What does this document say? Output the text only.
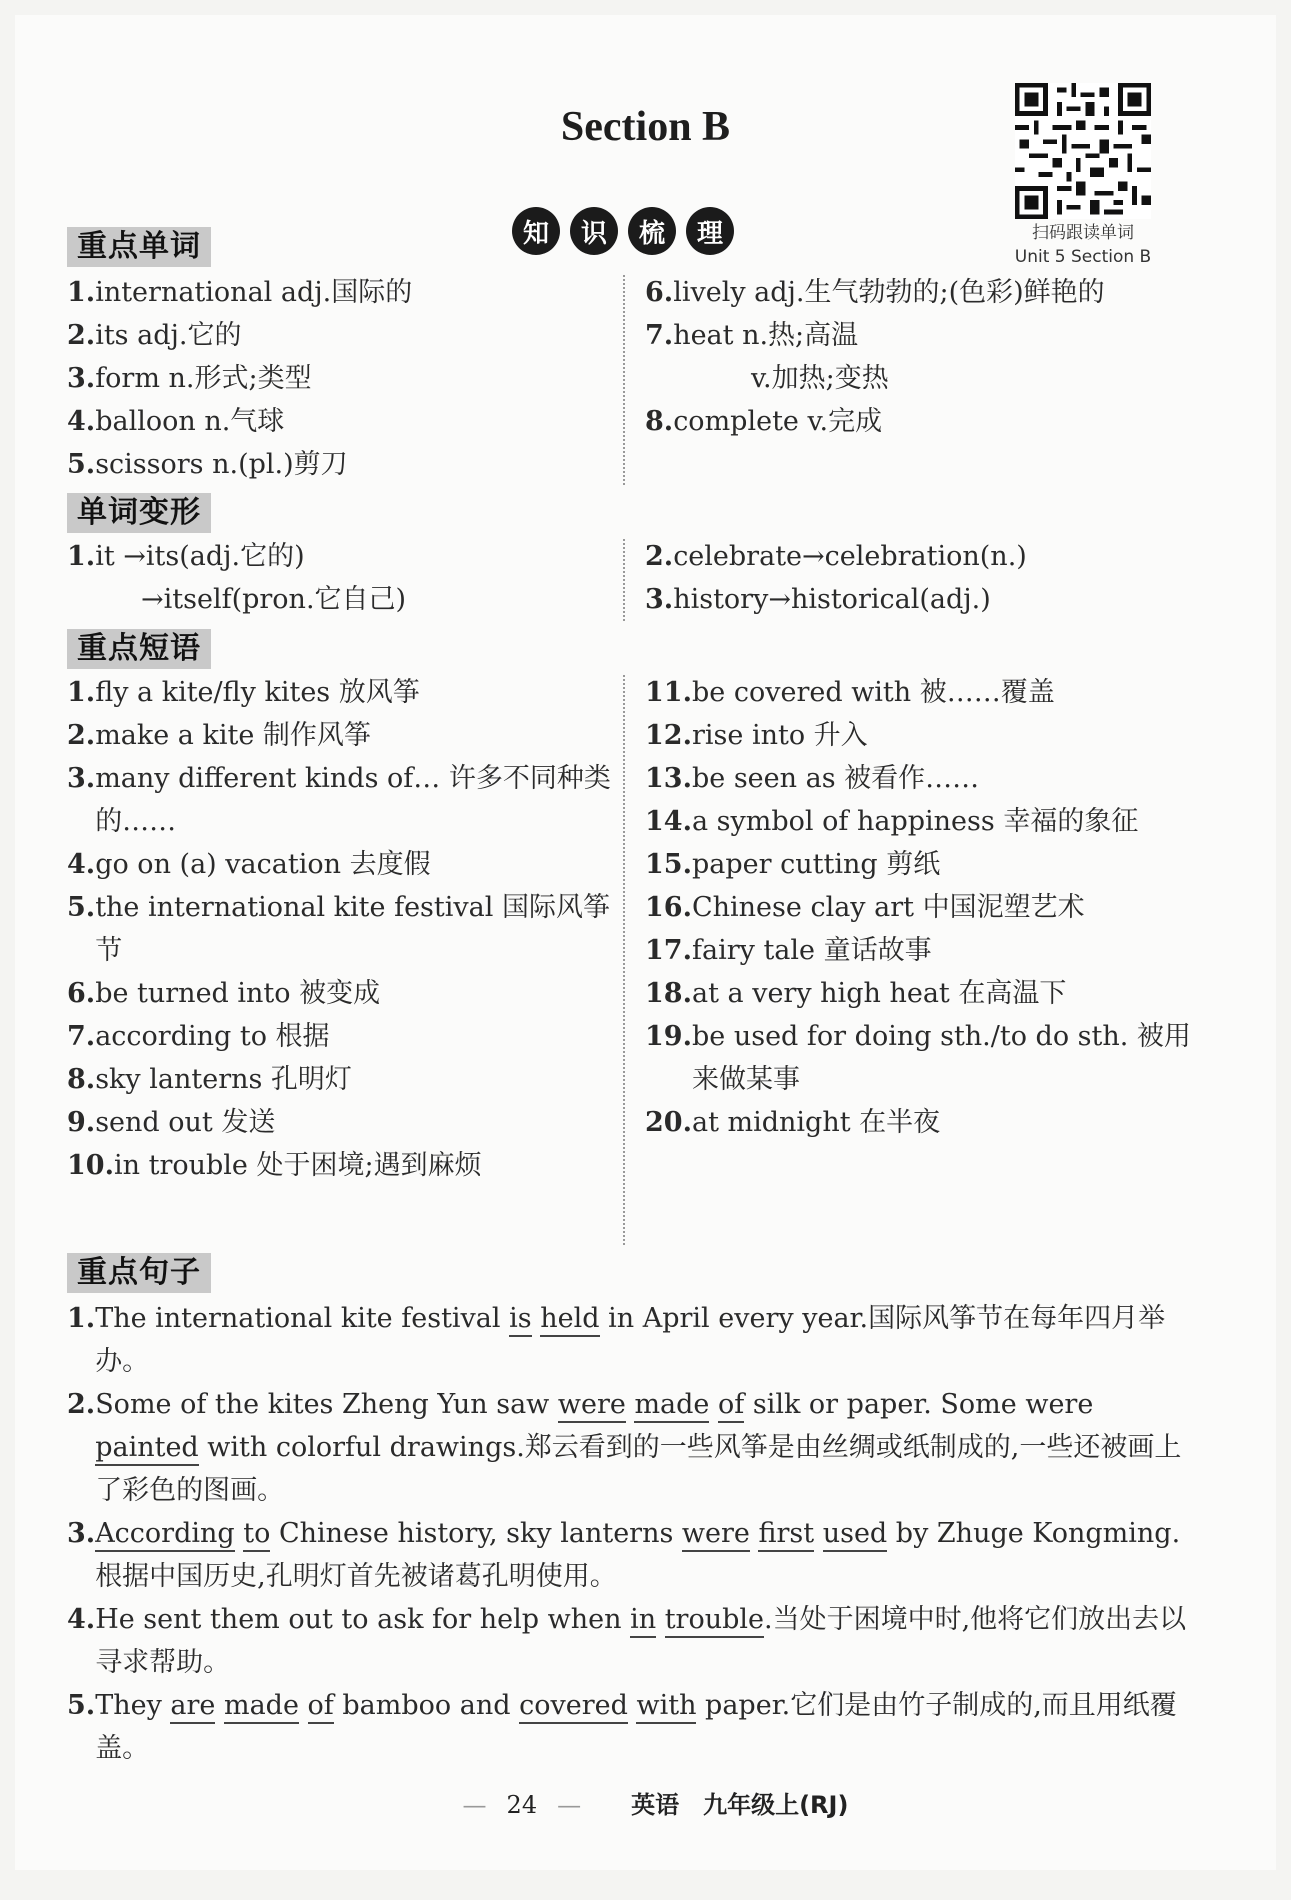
Section B
知	识	梳	理	扫码跟读单词
Unit 5 Section B
重点单词
1. international adj.国际的
2. its adj.它的
3. form n.形式;类型
4. balloon n.气球
5. scissors n.(pl.)剪刀
6. lively adj.生气勃勃的;(色彩)鲜艳的
7. heat n.热;高温
v.加热;变热
8. complete v.完成
单词变形
1. it →its(adj.它的)
→itself(pron.它自己)
2. celebrate→celebration(n.)
3. history→historical(adj.)
重点短语
1. fly a kite/fly kites 放风筝
2. make a kite 制作风筝
3. many different kinds of… 许多不同种类的……
4. go on (a) vacation 去度假
5. the international kite festival 国际风筝节
6. be turned into 被变成
7. according to 根据
8. sky lanterns 孔明灯
9. send out 发送
10. in trouble 处于困境;遇到麻烦
11. be covered with 被……覆盖
12. rise into 升入
13. be seen as 被看作……
14. a symbol of happiness 幸福的象征
15. paper cutting 剪纸
16. Chinese clay art 中国泥塑艺术
17. fairy tale 童话故事
18. at a very high heat 在高温下
19. be used for doing sth./to do sth. 被用来做某事
20. at midnight 在半夜
重点句子
1. The international kite festival is held in April every year.国际风筝节在每年四月举办。
2. Some of the kites Zheng Yun saw were made of silk or paper. Some were painted with colorful drawings.郑云看到的一些风筝是由丝绸或纸制成的,一些还被画上了彩色的图画。
3. According to Chinese history, sky lanterns were first used by Zhuge Kongming.根据中国历史,孔明灯首先被诸葛孔明使用。
4. He sent them out to ask for help when in trouble.当处于困境中时,他将它们放出去以寻求帮助。
5. They are made of bamboo and covered with paper.它们是由竹子制成的,而且用纸覆盖。
— 24 — 英语 九年级上(RJ)
